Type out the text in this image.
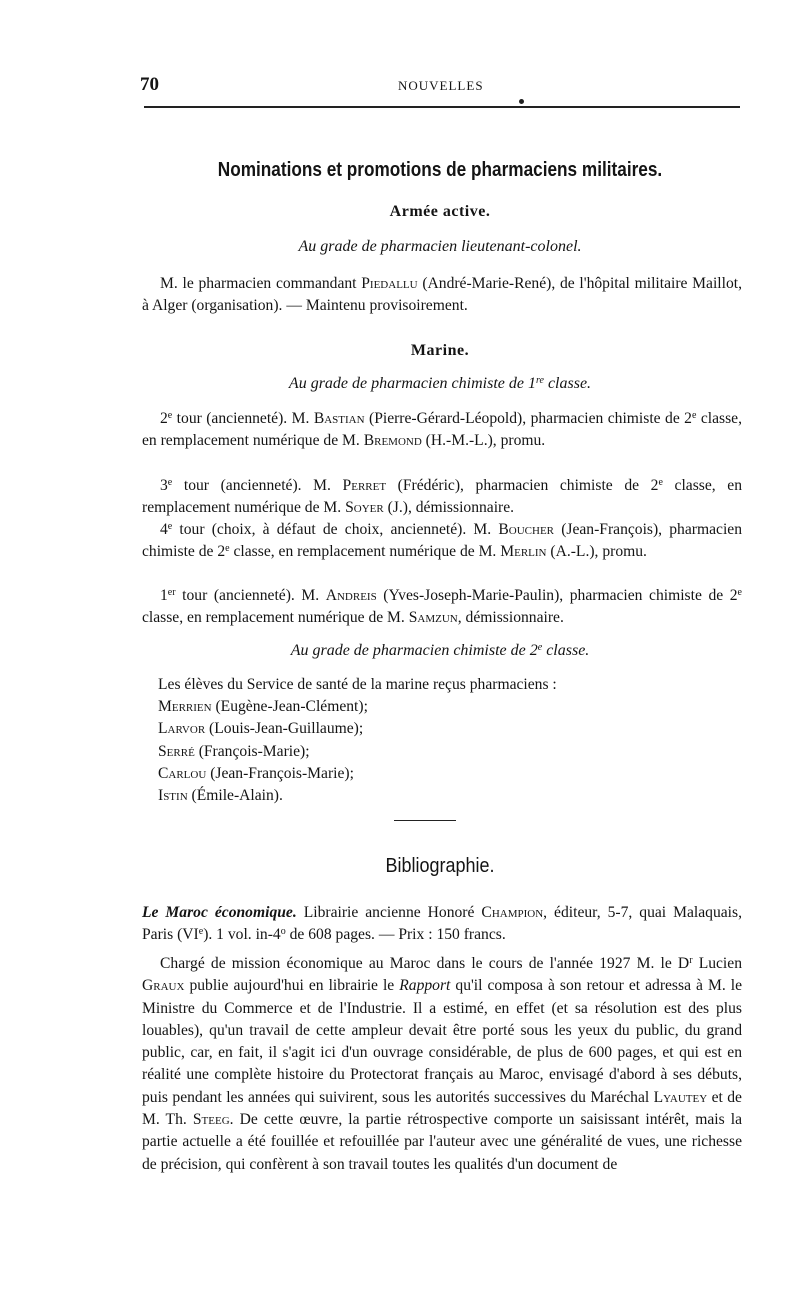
70	NOUVELLES
Nominations et promotions de pharmaciens militaires.
Armée active.
Au grade de pharmacien lieutenant-colonel.

M. le pharmacien commandant Piedallu (André-Marie-René), de l'hôpital militaire Maillot, à Alger (organisation). — Maintenu provisoirement.

Marine.
Au grade de pharmacien chimiste de 1re classe.

2e tour (ancienneté). M. Bastian (Pierre-Gérard-Léopold), pharmacien chimiste de 2e classe, en remplacement numérique de M. Bremond (H.-M.-L.), promu.

3e tour (ancienneté). M. Perret (Frédéric), pharmacien chimiste de 2e classe, en remplacement numérique de M. Soyer (J.), démissionnaire.

4e tour (choix, à défaut de choix, ancienneté). M. Boucher (Jean-François), pharmacien chimiste de 2e classe, en remplacement numérique de M. Merlin (A.-L.), promu.

1er tour (ancienneté). M. Andreis (Yves-Joseph-Marie-Paulin), pharmacien chimiste de 2e classe, en remplacement numérique de M. Samzun, démissionnaire.

Au grade de pharmacien chimiste de 2e classe.
Les élèves du Service de santé de la marine reçus pharmaciens :
Merrien (Eugène-Jean-Clément);
Larvor (Louis-Jean-Guillaume);
Serré (François-Marie);
Carlou (Jean-François-Marie);
Istin (Émile-Alain).
Bibliographie.

Le Maroc économique. Librairie ancienne Honoré Champion, éditeur, 5-7, quai Malaquais, Paris (VIe). 1 vol. in-4$^o$ de 608 pages. — Prix : 150 francs.

Chargé de mission économique au Maroc dans le cours de l'année 1927 M. le $D^r$ Lucien Graux publie aujourd'hui en librairie le Rapport qu'il composa à son retour et adressa à M. le Ministre du Commerce et de l'Industrie. Il a estimé, en effet (et sa résolution est des plus louables), qu'un travail de cette ampleur devait être porté sous les yeux du public, du grand public, car, en fait, il s'agit ici d'un ouvrage considérable, de plus de 600 pages, et qui est en réalité une complète histoire du Protectorat français au Maroc, envisagé d'abord à ses débuts, puis pendant les années qui suivirent, sous les autorités successives du Maréchal Lyautey et de M. Th. Steeg. De cette œuvre, la partie rétrospective comporte un saisissant intérêt, mais la partie actuelle a été fouillée et refouillée par l'auteur avec une généralité de vues, une richesse de précision, qui confèrent à son travail toutes les qualités d'un document de
